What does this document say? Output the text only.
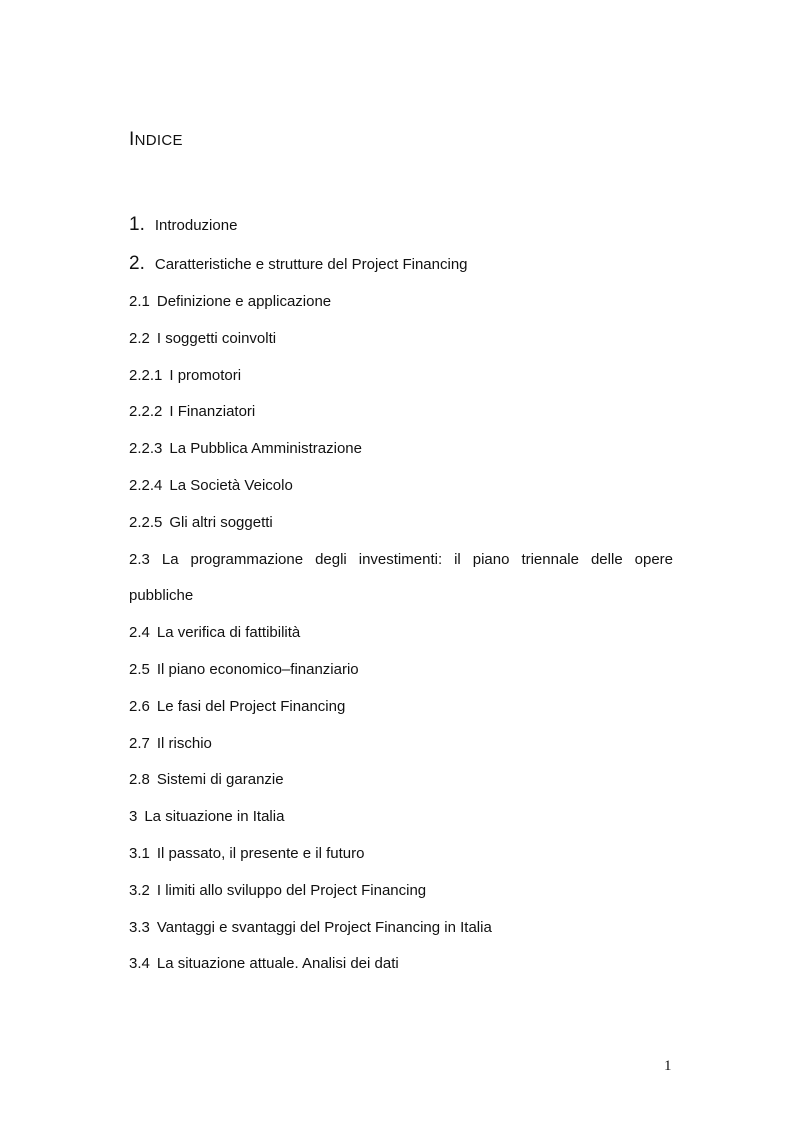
INDICE
1. Introduzione
2. Caratteristiche e strutture del Project Financing
2.1 Definizione e applicazione
2.2 I soggetti coinvolti
2.2.1 I promotori
2.2.2 I Finanziatori
2.2.3 La Pubblica Amministrazione
2.2.4 La Società Veicolo
2.2.5 Gli altri soggetti
2.3 La programmazione degli investimenti: il piano triennale delle opere
pubbliche
2.4 La verifica di fattibilità
2.5 Il piano economico–finanziario
2.6 Le fasi del Project Financing
2.7 Il rischio
2.8 Sistemi di garanzie
3 La situazione in Italia
3.1 Il passato, il presente e il futuro
3.2 I limiti allo sviluppo del Project Financing
3.3 Vantaggi e svantaggi del Project Financing in Italia
3.4 La situazione attuale. Analisi dei dati
1
